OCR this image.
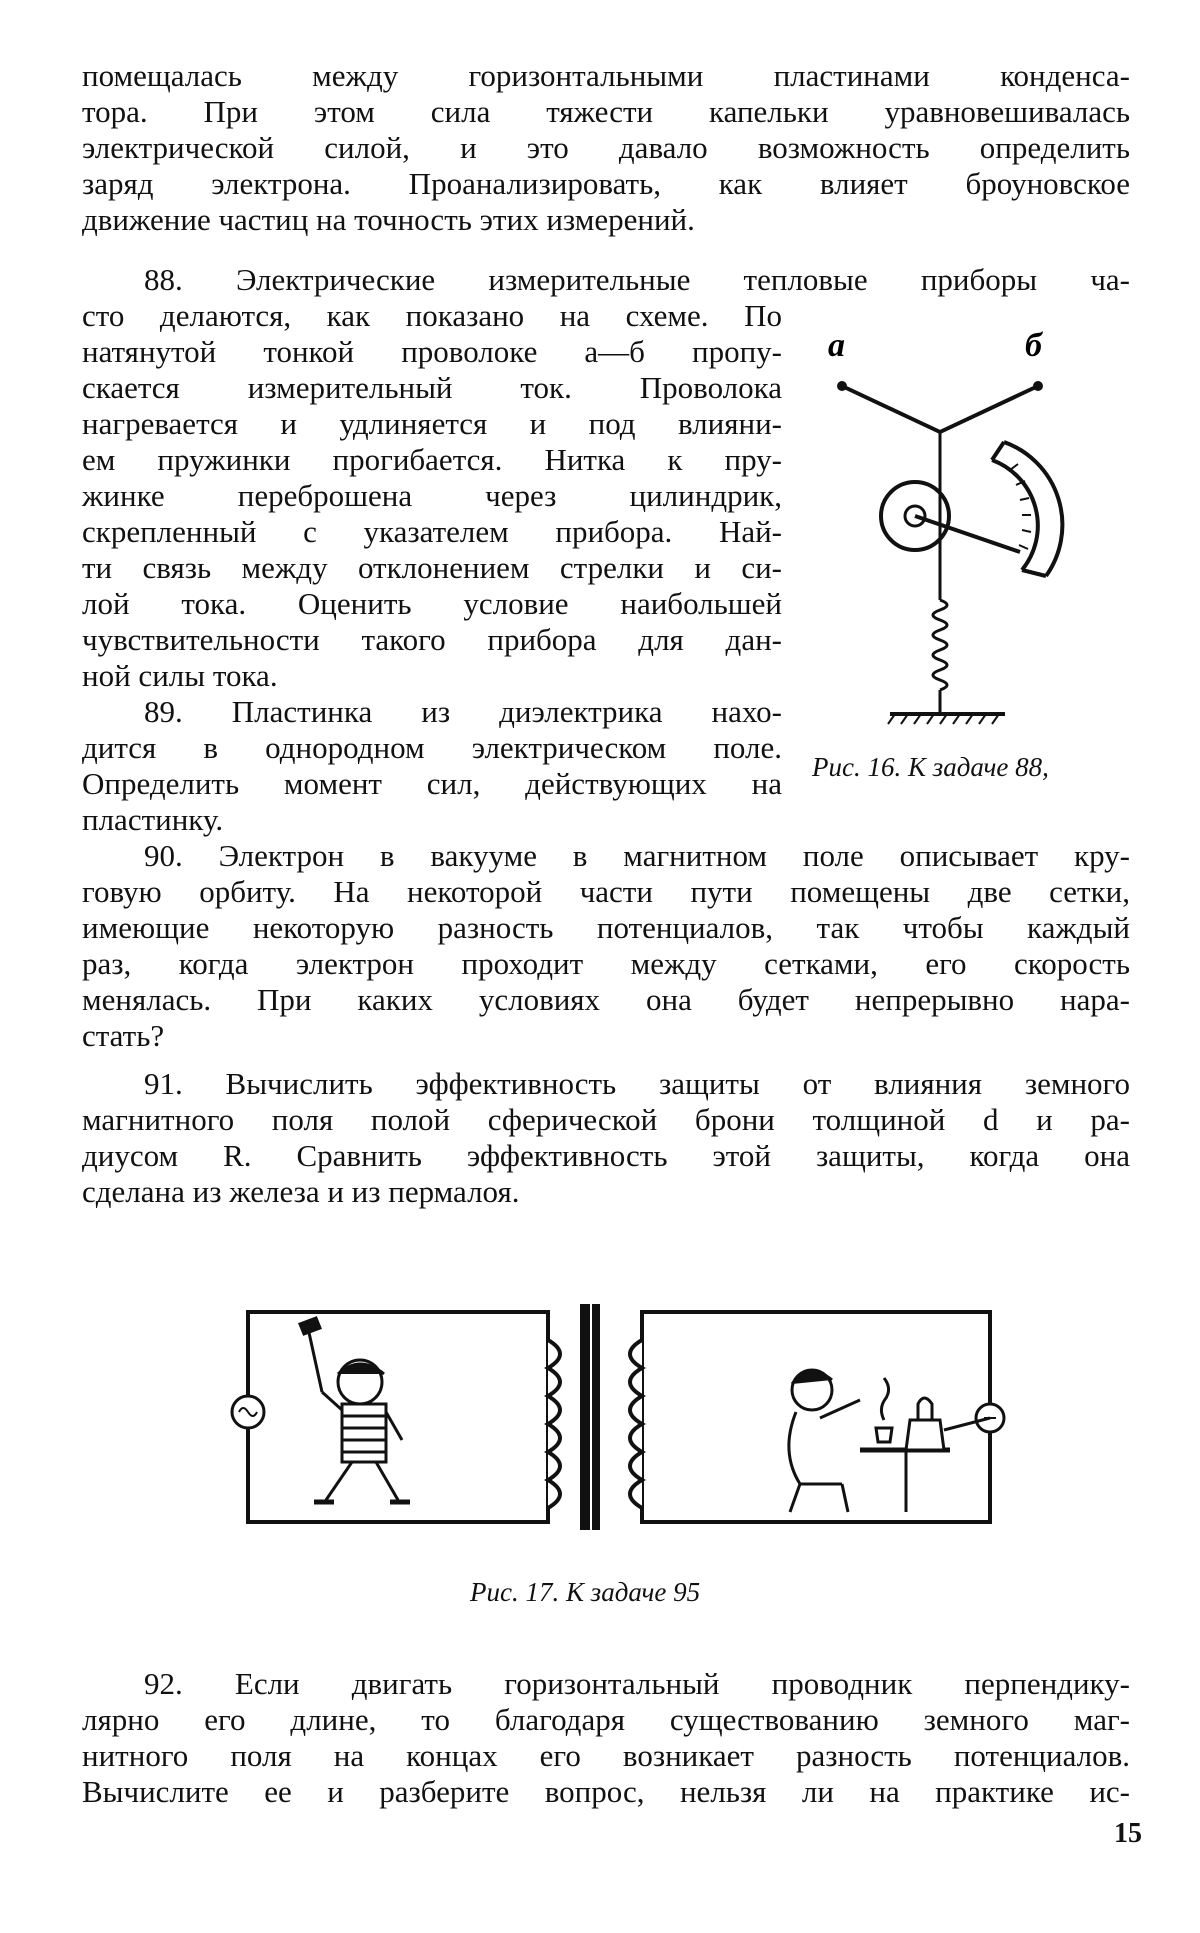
помещалась между горизонтальными пластинами конденса-
тора. При этом сила тяжести капельки уравновешивалась
электрической силой, и это давало возможность определить
заряд электрона. Проанализировать, как влияет броуновское
движение частиц на точность этих измерений.
88. Электрические измерительные тепловые приборы ча-
сто делаются, как показано на схеме. По
натянутой тонкой проволоке а—б пропу-
скается измерительный ток. Проволока
нагревается и удлиняется и под влияни-
ем пружинки прогибается. Нитка к пру-
жинке переброшена через цилиндрик,
скрепленный с указателем прибора. Най-
ти связь между отклонением стрелки и си-
лой тока. Оценить условие наибольшей
чувствительности такого прибора для дан-
ной силы тока.
89. Пластинка из диэлектрика нахо-
дится в однородном электрическом поле.
Определить момент сил, действующих на
пластинку.
а	б
Рис. 16. К задаче 88,
90. Электрон в вакууме в магнитном поле описывает кру-
говую орбиту. На некоторой части пути помещены две сетки,
имеющие некоторую разность потенциалов, так чтобы каждый
раз, когда электрон проходит между сетками, его скорость
менялась. При каких условиях она будет непрерывно нара-
стать?
91. Вычислить эффективность защиты от влияния земного
магнитного поля полой сферической брони толщиной d и ра-
диусом R. Сравнить эффективность этой защиты, когда она
сделана из железа и из пермалоя.
Рис. 17. К задаче 95
92. Если двигать горизонтальный проводник перпендику-
лярно его длине, то благодаря существованию земного маг-
нитного поля на концах его возникает разность потенциалов.
Вычислите ее и разберите вопрос, нельзя ли на практике ис-
15
